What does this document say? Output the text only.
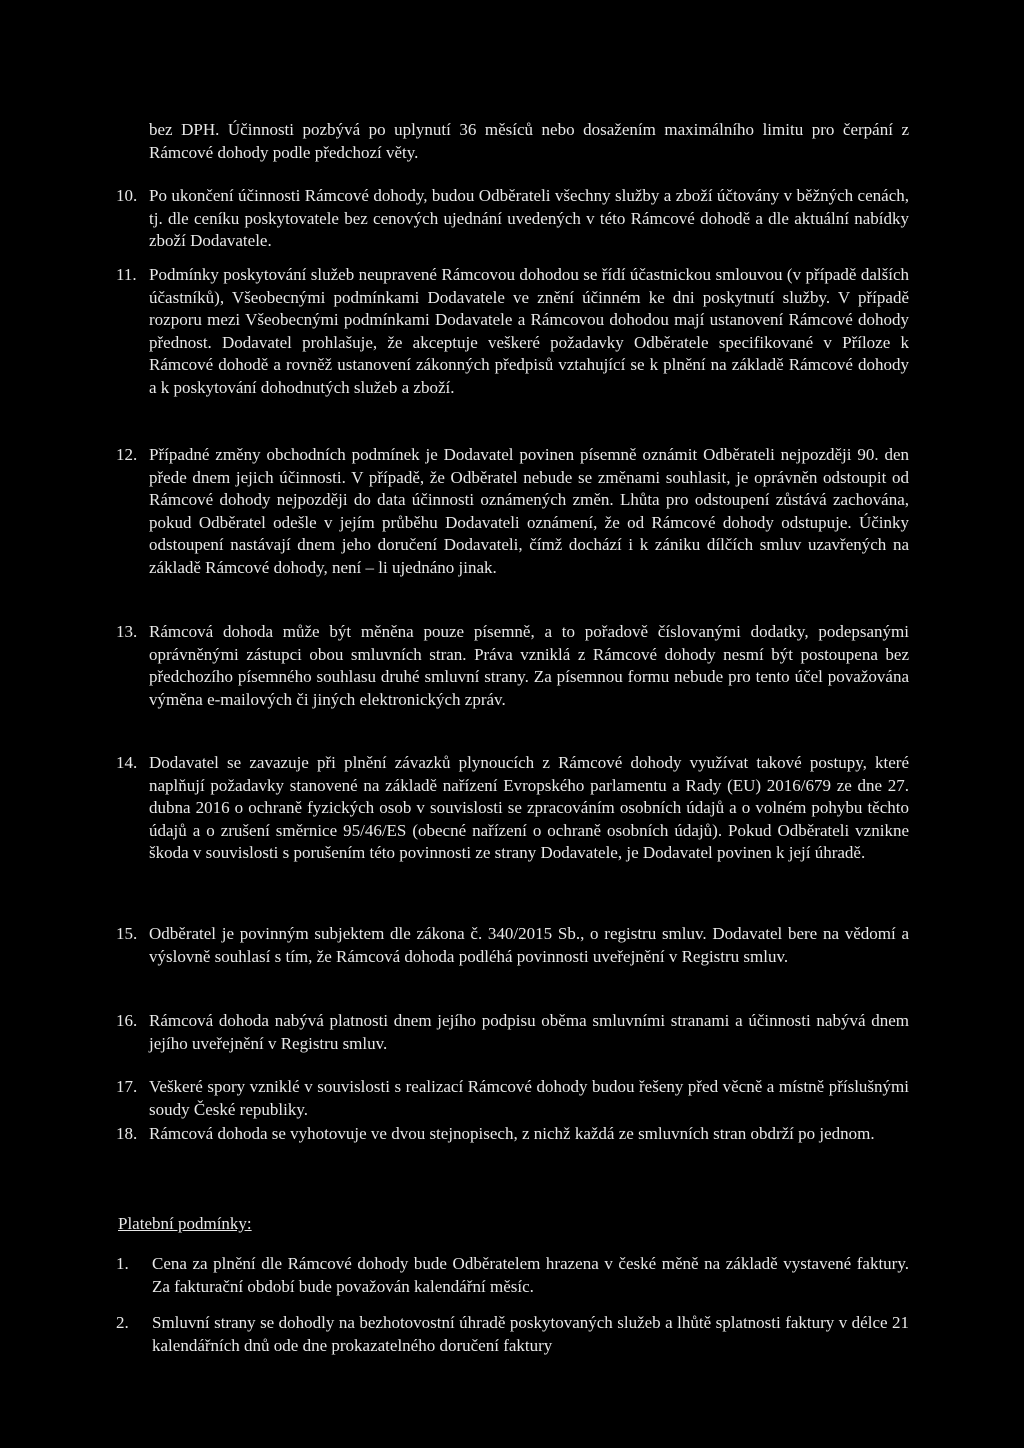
bez DPH. Účinnosti pozbývá po uplynutí 36 měsíců nebo dosažením maximálního limitu pro čerpání z Rámcové dohody podle předchozí věty.

10. Po ukončení účinnosti Rámcové dohody, budou Odběrateli všechny služby a zboží účtovány v běžných cenách, tj. dle ceníku poskytovatele bez cenových ujednání uvedených v této Rámcové dohodě a dle aktuální nabídky zboží Dodavatele.
11. Podmínky poskytování služeb neupravené Rámcovou dohodou se řídí účastnickou smlouvou (v případě dalších účastníků), Všeobecnými podmínkami Dodavatele ve znění účinném ke dni poskytnutí služby. V případě rozporu mezi Všeobecnými podmínkami Dodavatele a Rámcovou dohodou mají ustanovení Rámcové dohody přednost. Dodavatel prohlašuje, že akceptuje veškeré požadavky Odběratele specifikované v Příloze k Rámcové dohodě a rovněž ustanovení zákonných předpisů vztahující se k plnění na základě Rámcové dohody a k poskytování dohodnutých služeb a zboží.
12. Případné změny obchodních podmínek je Dodavatel povinen písemně oznámit Odběrateli nejpozději 90. den přede dnem jejich účinnosti. V případě, že Odběratel nebude se změnami souhlasit, je oprávněn odstoupit od Rámcové dohody nejpozději do data účinnosti oznámených změn. Lhůta pro odstoupení zůstává zachována, pokud Odběratel odešle v jejím průběhu Dodavateli oznámení, že od Rámcové dohody odstupuje. Účinky odstoupení nastávají dnem jeho doručení Dodavateli, čímž dochází i k zániku dílčích smluv uzavřených na základě Rámcové dohody, není – li ujednáno jinak.
13. Rámcová dohoda může být měněna pouze písemně, a to pořadově číslovanými dodatky, podepsanými oprávněnými zástupci obou smluvních stran. Práva vzniklá z Rámcové dohody nesmí být postoupena bez předchozího písemného souhlasu druhé smluvní strany. Za písemnou formu nebude pro tento účel považována výměna e-mailových či jiných elektronických zpráv.
14. Dodavatel se zavazuje při plnění závazků plynoucích z Rámcové dohody využívat takové postupy, které naplňují požadavky stanovené na základě nařízení Evropského parlamentu a Rady (EU) 2016/679 ze dne 27. dubna 2016 o ochraně fyzických osob v souvislosti se zpracováním osobních údajů a o volném pohybu těchto údajů a o zrušení směrnice 95/46/ES (obecné nařízení o ochraně osobních údajů). Pokud Odběrateli vznikne škoda v souvislosti s porušením této povinnosti ze strany Dodavatele, je Dodavatel povinen k její úhradě.
15. Odběratel je povinným subjektem dle zákona č. 340/2015 Sb., o registru smluv. Dodavatel bere na vědomí a výslovně souhlasí s tím, že Rámcová dohoda podléhá povinnosti uveřejnění v Registru smluv.
16. Rámcová dohoda nabývá platnosti dnem jejího podpisu oběma smluvními stranami a účinnosti nabývá dnem jejího uveřejnění v Registru smluv.
17. Veškeré spory vzniklé v souvislosti s realizací Rámcové dohody budou řešeny před věcně a místně příslušnými soudy České republiky.
18. Rámcová dohoda se vyhotovuje ve dvou stejnopisech, z nichž každá ze smluvních stran obdrží po jednom.
Platební podmínky:
1.	Cena za plnění dle Rámcové dohody bude Odběratelem hrazena v české měně na základě vystavené faktury. Za fakturační období bude považován kalendářní měsíc.
2.	Smluvní strany se dohodly na bezhotovostní úhradě poskytovaných služeb a lhůtě splatnosti faktury v délce 21 kalendářních dnů ode dne prokazatelného doručení faktury
